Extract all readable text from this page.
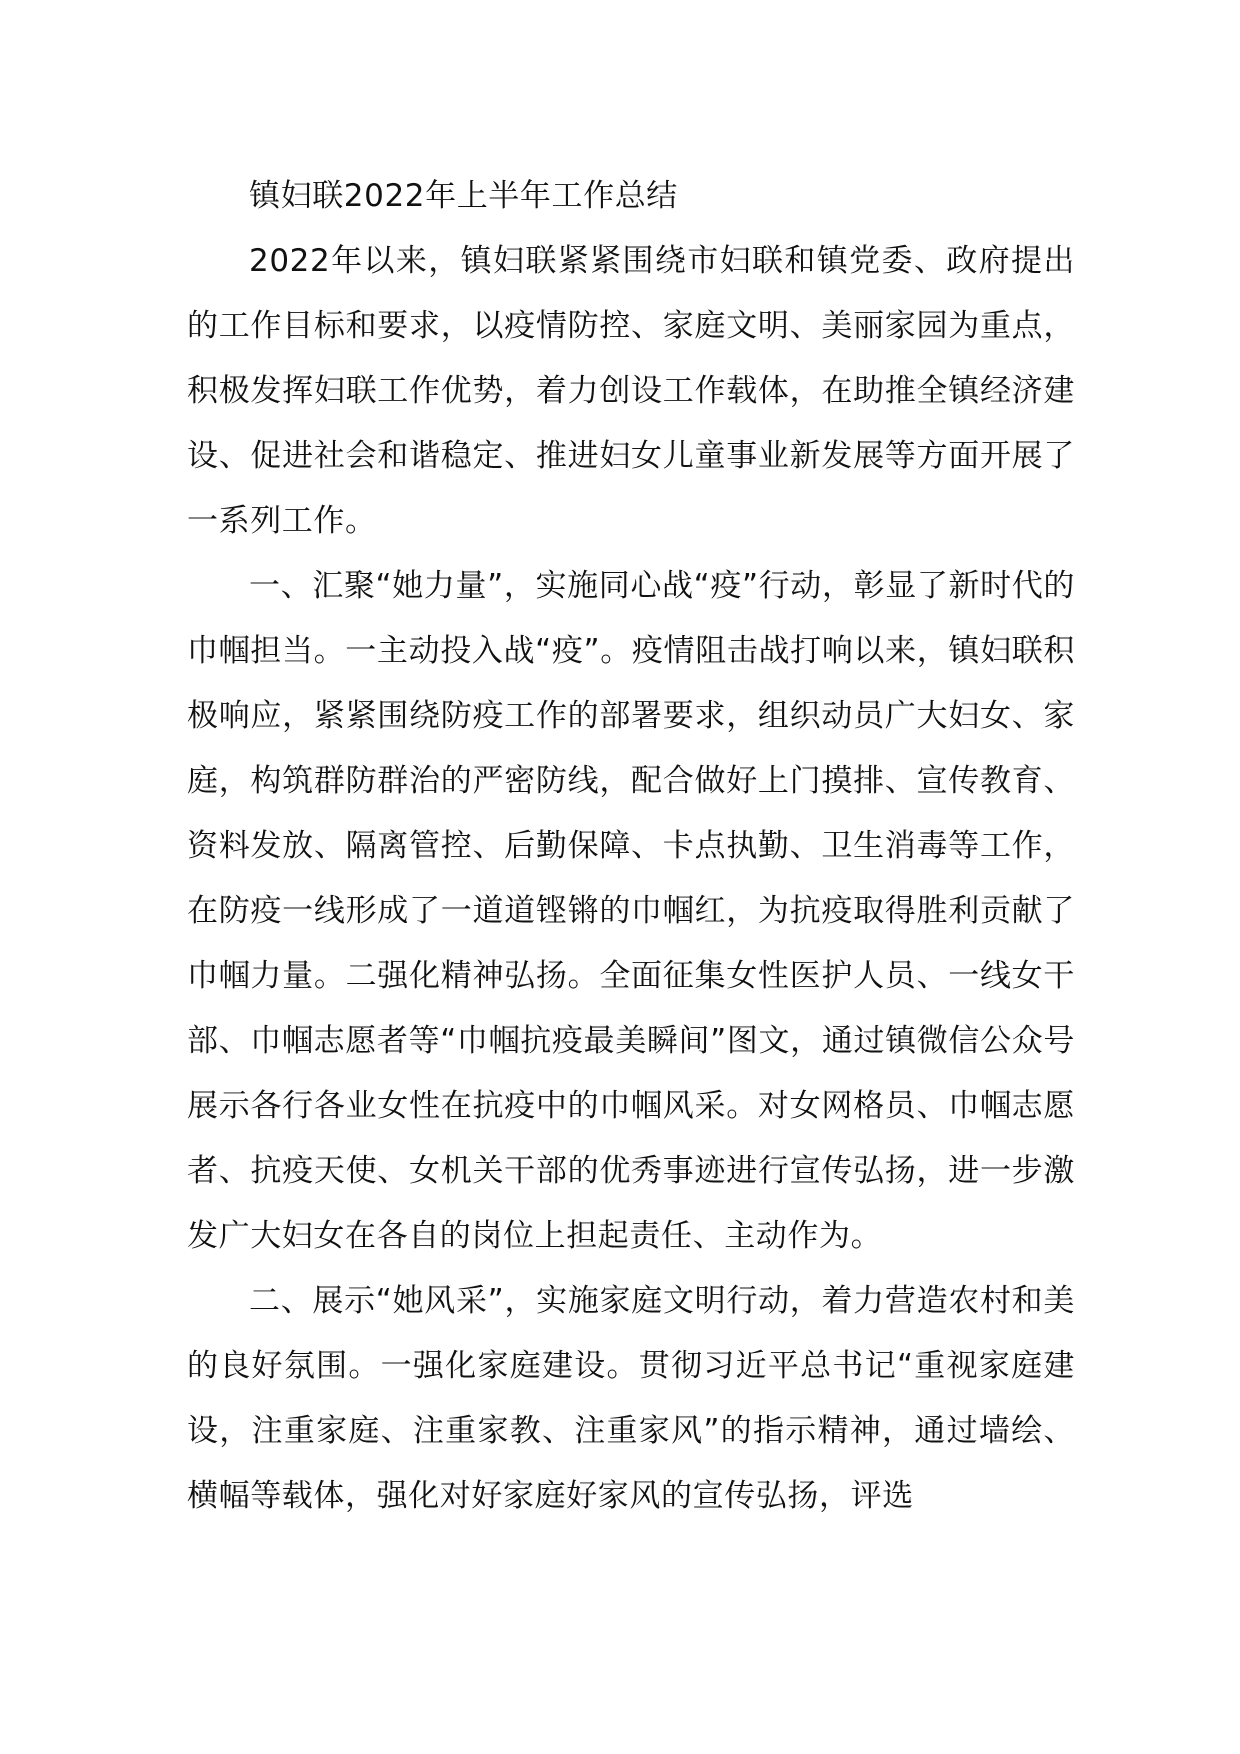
镇妇联2022年上半年工作总结

2022年以来，镇妇联紧紧围绕市妇联和镇党委、政府提出的工作目标和要求，以疫情防控、家庭文明、美丽家园为重点，积极发挥妇联工作优势，着力创设工作载体，在助推全镇经济建设、促进社会和谐稳定、推进妇女儿童事业新发展等方面开展了一系列工作。

一、汇聚“她力量”，实施同心战“疫”行动，彰显了新时代的巾帼担当。一主动投入战“疫”。疫情阻击战打响以来，镇妇联积极响应，紧紧围绕防疫工作的部署要求，组织动员广大妇女、家庭，构筑群防群治的严密防线，配合做好上门摸排、宣传教育、资料发放、隔离管控、后勤保障、卡点执勤、卫生消毒等工作，在防疫一线形成了一道道铿锵的巾帼红，为抗疫取得胜利贡献了巾帼力量。二强化精神弘扬。全面征集女性医护人员、一线女干部、巾帼志愿者等“巾帼抗疫最美瞬间”图文，通过镇微信公众号展示各行各业女性在抗疫中的巾帼风采。对女网格员、巾帼志愿者、抗疫天使、女机关干部的优秀事迹进行宣传弘扬，进一步激发广大妇女在各自的岗位上担起责任、主动作为。

二、展示“她风采”，实施家庭文明行动，着力营造农村和美的良好氛围。一强化家庭建设。贯彻习近平总书记“重视家庭建设，注重家庭、注重家教、注重家风”的指示精神，通过墙绘、横幅等载体，强化对好家庭好家风的宣传弘扬，评选
